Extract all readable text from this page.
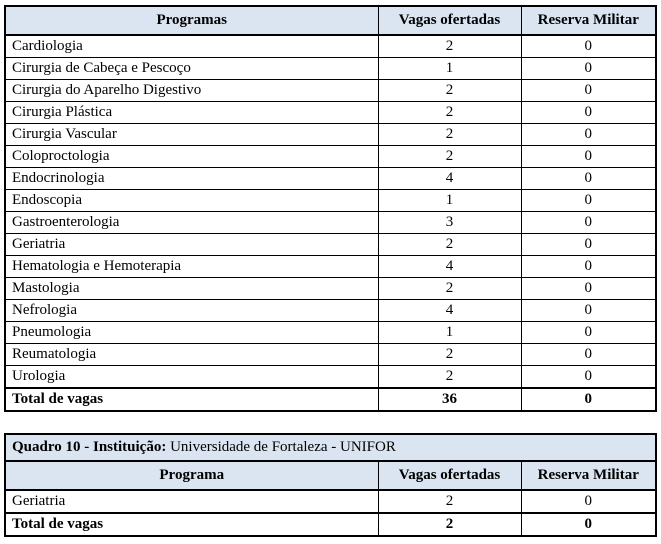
Programas	Vagas ofertadas	Reserva Militar
Cardiologia	2	0
Cirurgia de Cabeça e Pescoço	1	0
Cirurgia do Aparelho Digestivo	2	0
Cirurgia Plástica	2	0
Cirurgia Vascular	2	0
Coloproctologia	2	0
Endocrinologia	4	0
Endoscopia	1	0
Gastroenterologia	3	0
Geriatria	2	0
Hematologia e Hemoterapia	4	0
Mastologia	2	0
Nefrologia	4	0
Pneumologia	1	0
Reumatologia	2	0
Urologia	2	0
Total de vagas	36	0
Quadro 10 - Instituição: Universidade de Fortaleza - UNIFOR		
Programa	Vagas ofertadas	Reserva Militar
Geriatria	2	0
Total de vagas	2	0
